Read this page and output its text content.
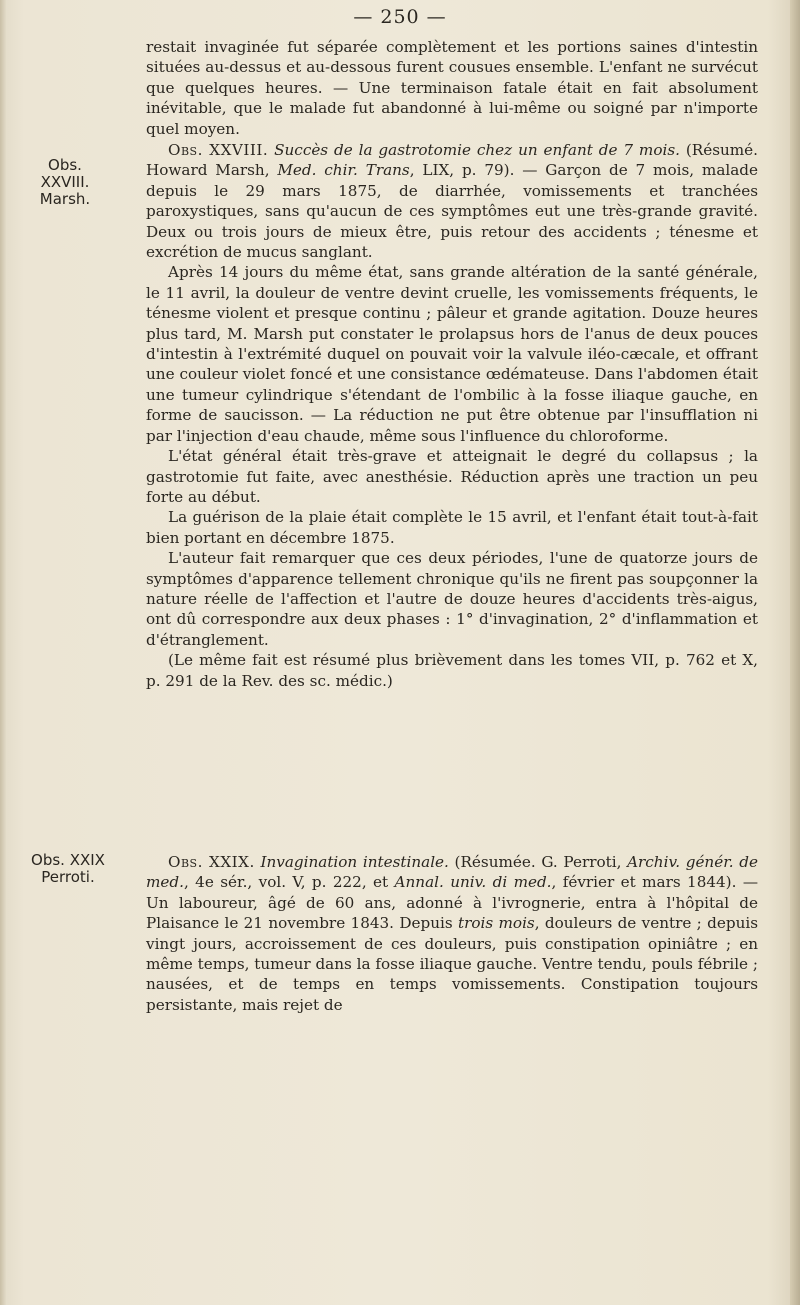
— 250 —

restait invaginée fut séparée complètement et les portions saines d'intestin situées au-dessus et au-dessous furent cousues ensemble. L'enfant ne survécut que quelques heures. — Une terminaison fatale était en fait absolument inévitable, que le malade fut abandonné à lui-même ou soigné par n'importe quel moyen.

Obs.
XXVIII.
Marsh.

Obs. XXVIII. Succès de la gastrotomie chez un enfant de 7 mois. (Résumé. Howard Marsh, Med. chir. Trans, LIX, p. 79). — Garçon de 7 mois, malade depuis le 29 mars 1875, de diarrhée, vomissements et tranchées paroxystiques, sans qu'aucun de ces symptômes eut une très-grande gravité. Deux ou trois jours de mieux être, puis retour des accidents ; ténesme et excrétion de mucus sanglant.

Après 14 jours du même état, sans grande altération de la santé générale, le 11 avril, la douleur de ventre devint cruelle, les vomissements fréquents, le ténesme violent et presque continu ; pâleur et grande agitation. Douze heures plus tard, M. Marsh put constater le prolapsus hors de l'anus de deux pouces d'intestin à l'extrémité duquel on pouvait voir la valvule iléo-cæcale, et offrant une couleur violet foncé et une consistance œdémateuse. Dans l'abdomen était une tumeur cylindrique s'étendant de l'ombilic à la fosse iliaque gauche, en forme de saucisson. — La réduction ne put être obtenue par l'insufflation ni par l'injection d'eau chaude, même sous l'influence du chloroforme.

L'état général était très-grave et atteignait le degré du collapsus ; la gastrotomie fut faite, avec anesthésie. Réduction après une traction un peu forte au début.

La guérison de la plaie était complète le 15 avril, et l'enfant était tout-à-fait bien portant en décembre 1875.

L'auteur fait remarquer que ces deux périodes, l'une de quatorze jours de symptômes d'apparence tellement chronique qu'ils ne firent pas soupçonner la nature réelle de l'affection et l'autre de douze heures d'accidents très-aigus, ont dû correspondre aux deux phases : 1° d'invagination, 2° d'inflammation et d'étranglement.

(Le même fait est résumé plus brièvement dans les tomes VII, p. 762 et X, p. 291 de la Rev. des sc. médic.)

Obs. XXIX
Perroti.

Obs. XXIX. Invagination intestinale. (Résumée. G. Perroti, Archiv. génér. de med., 4e sér., vol. V, p. 222, et Annal. univ. di med., février et mars 1844). — Un laboureur, âgé de 60 ans, adonné à l'ivrognerie, entra à l'hôpital de Plaisance le 21 novembre 1843. Depuis trois mois, douleurs de ventre ; depuis vingt jours, accroissement de ces douleurs, puis constipation opiniâtre ; en même temps, tumeur dans la fosse iliaque gauche. Ventre tendu, pouls fébrile ; nausées, et de temps en temps vomissements. Constipation toujours persistante, mais rejet de
